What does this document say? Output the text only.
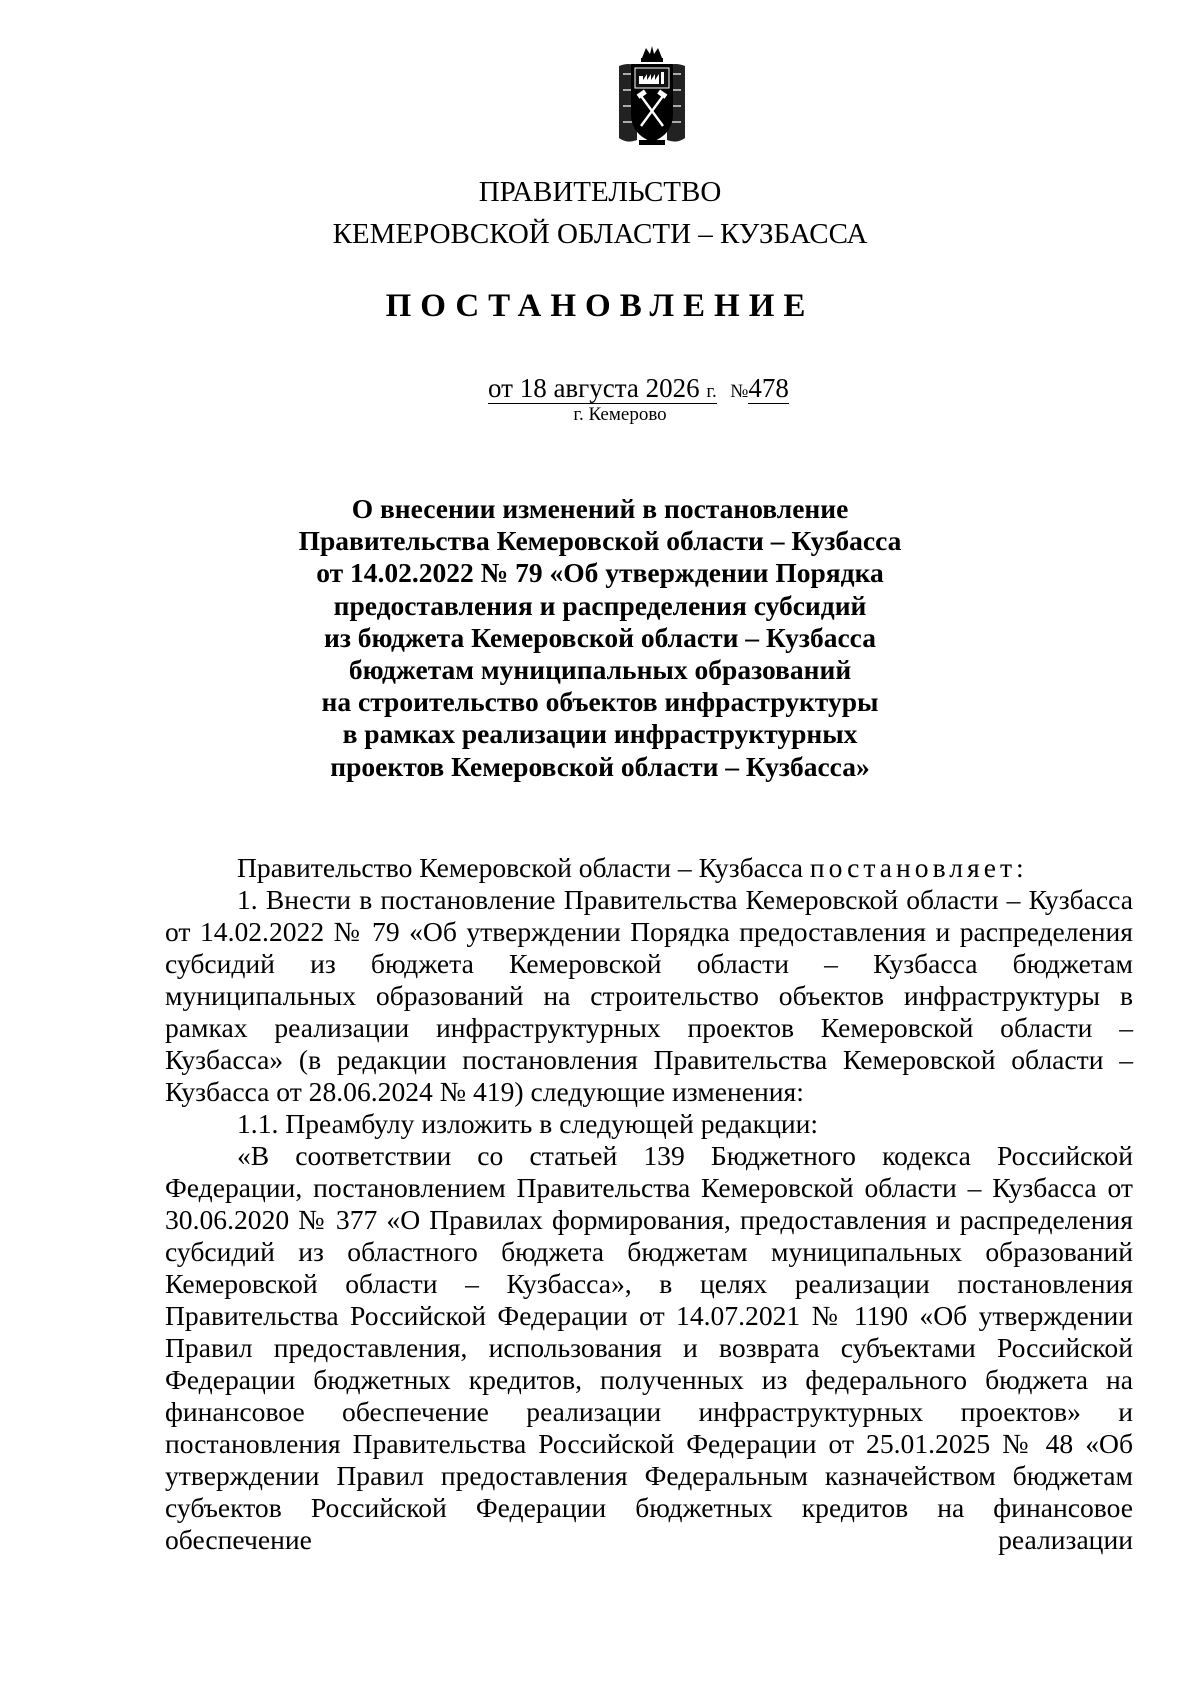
ПРАВИТЕЛЬСТВО
КЕМЕРОВСКОЙ ОБЛАСТИ – КУЗБАССА
ПОСТАНОВЛЕНИЕ
от 18 августа 2026 г. №478
г. Кемерово
О внесении изменений в постановление
Правительства Кемеровской области – Кузбасса
от 14.02.2022 № 79 «Об утверждении Порядка
предоставления и распределения субсидий
из бюджета Кемеровской области – Кузбасса
бюджетам муниципальных образований
на строительство объектов инфраструктуры
в рамках реализации инфраструктурных
проектов Кемеровской области – Кузбасса»

Правительство Кемеровской области – Кузбасса постановляет:

1. Внести в постановление Правительства Кемеровской области – Кузбасса от 14.02.2022 № 79 «Об утверждении Порядка предоставления и распределения субсидий из бюджета Кемеровской области – Кузбасса бюджетам муниципальных образований на строительство объектов инфраструктуры в рамках реализации инфраструктурных проектов Кемеровской области – Кузбасса» (в редакции постановления Правительства Кемеровской области – Кузбасса от 28.06.2024 № 419) следующие изменения:

1.1. Преамбулу изложить в следующей редакции:

«В соответствии со статьей 139 Бюджетного кодекса Российской Федерации, постановлением Правительства Кемеровской области – Кузбасса от 30.06.2020 № 377 «О Правилах формирования, предоставления и распределения субсидий из областного бюджета бюджетам муниципальных образований Кемеровской области – Кузбасса», в целях реализации постановления Правительства Российской Федерации от 14.07.2021 № 1190 «Об утверждении Правил предоставления, использования и возврата субъектами Российской Федерации бюджетных кредитов, полученных из федерального бюджета на финансовое обеспечение реализации инфраструктурных проектов» и постановления Правительства Российской Федерации от 25.01.2025 № 48 «Об утверждении Правил предоставления Федеральным казначейством бюджетам субъектов Российской Федерации бюджетных кредитов на финансовое обеспечение реализации
